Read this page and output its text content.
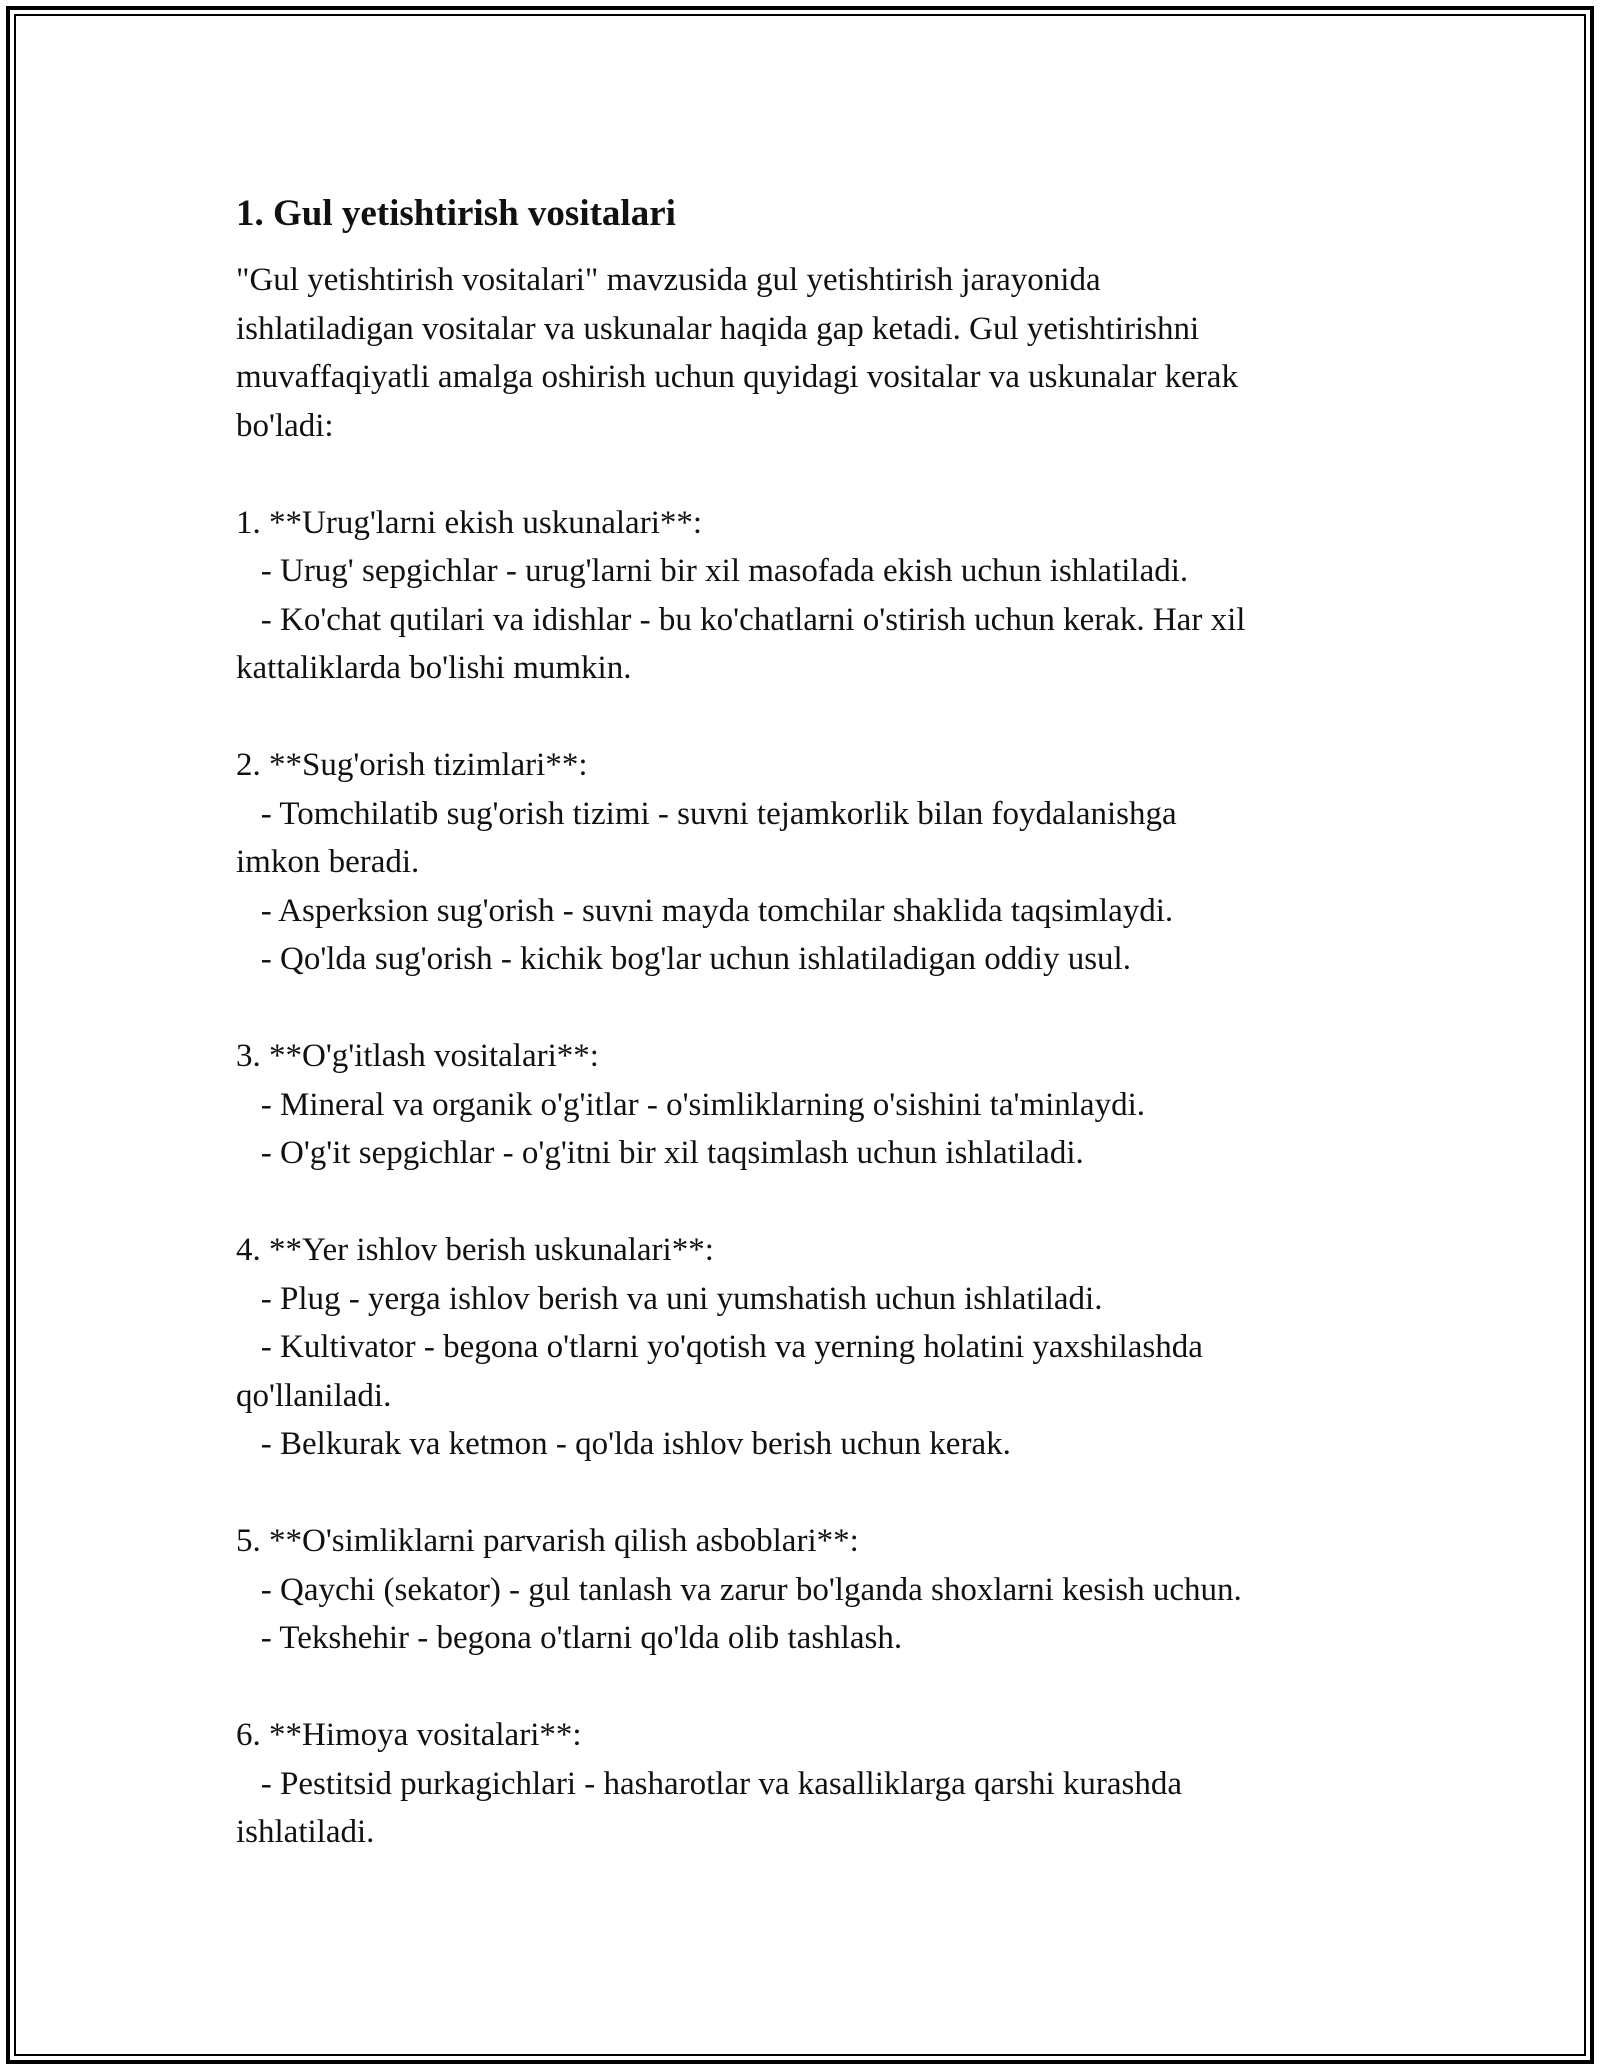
1. Gul yetishtirish vositalari

"Gul yetishtirish vositalari" mavzusida gul yetishtirish jarayonida
ishlatiladigan vositalar va uskunalar haqida gap ketadi. Gul yetishtirishni
muvaffaqiyatli amalga oshirish uchun quyidagi vositalar va uskunalar kerak
bo'ladi:

1. **Urug'larni ekish uskunalari**:
- Urug' sepgichlar - urug'larni bir xil masofada ekish uchun ishlatiladi.
- Ko'chat qutilari va idishlar - bu ko'chatlarni o'stirish uchun kerak. Har xil
kattaliklarda bo'lishi mumkin.

2. **Sug'orish tizimlari**:
- Tomchilatib sug'orish tizimi - suvni tejamkorlik bilan foydalanishga
imkon beradi.
- Asperksion sug'orish - suvni mayda tomchilar shaklida taqsimlaydi.
- Qo'lda sug'orish - kichik bog'lar uchun ishlatiladigan oddiy usul.

3. **O'g'itlash vositalari**:
- Mineral va organik o'g'itlar - o'simliklarning o'sishini ta'minlaydi.
- O'g'it sepgichlar - o'g'itni bir xil taqsimlash uchun ishlatiladi.

4. **Yer ishlov berish uskunalari**:
- Plug - yerga ishlov berish va uni yumshatish uchun ishlatiladi.
- Kultivator - begona o'tlarni yo'qotish va yerning holatini yaxshilashda
qo'llaniladi.
- Belkurak va ketmon - qo'lda ishlov berish uchun kerak.

5. **O'simliklarni parvarish qilish asboblari**:
- Qaychi (sekator) - gul tanlash va zarur bo'lganda shoxlarni kesish uchun.
- Tekshehir - begona o'tlarni qo'lda olib tashlash.

6. **Himoya vositalari**:
- Pestitsid purkagichlari - hasharotlar va kasalliklarga qarshi kurashda
ishlatiladi.
